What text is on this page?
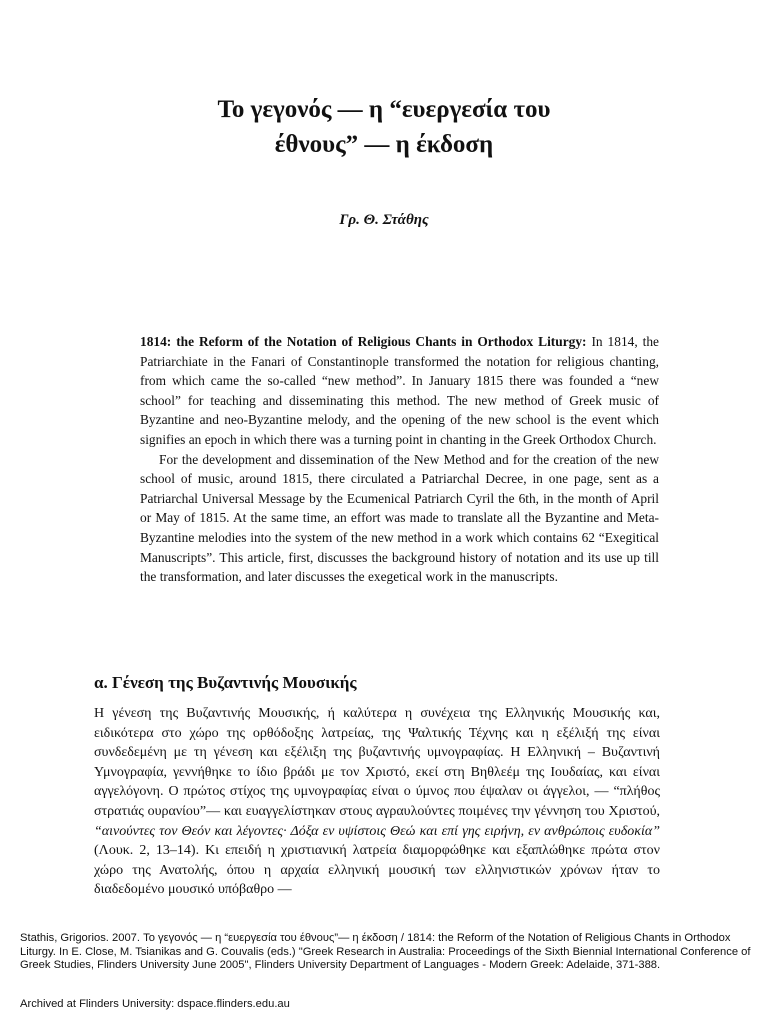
Το γεγονός — η “ευεργεσία του
έθνους” — η έκδοση
Γρ. Θ. Στάθης

1814: the Reform of the Notation of Religious Chants in Orthodox Liturgy: In 1814, the Patriarchiate in the Fanari of Constantinople transformed the notation for religious chanting, from which came the so-called “new method”. In January 1815 there was founded a “new school” for teaching and disseminating this method. The new method of Greek music of Byzantine and neo-Byzantine melody, and the opening of the new school is the event which signifies an epoch in which there was a turning point in chanting in the Greek Orthodox Church.

For the development and dissemination of the New Method and for the creation of the new school of music, around 1815, there circulated a Patriarchal Decree, in one page, sent as a Patriarchal Universal Message by the Ecumenical Patriarch Cyril the 6th, in the month of April or May of 1815. At the same time, an effort was made to translate all the Byzantine and Meta-Byzantine melodies into the system of the new method in a work which contains 62 “Exegitical Manuscripts”. This article, first, discusses the background history of notation and its use up till the transformation, and later discusses the exegetical work in the manuscripts.

α. Γένεση της Βυζαντινής Μουσικής

Η γένεση της Βυζαντινής Μουσικής, ή καλύτερα η συνέχεια της Ελληνικής Μουσικής και, ειδικότερα στο χώρο της ορθόδοξης λατρείας, της Ψαλτικής Τέχνης και η εξέλιξή της είναι συνδεδεμένη με τη γένεση και εξέλιξη της βυζαντινής υμνογραφίας. Η Ελληνική – Βυζαντινή Υμνογραφία, γεννήθηκε το ίδιο βράδι με τον Χριστό, εκεί στη Βηθλεέμ της Ιουδαίας, και είναι αγγελόγονη. Ο πρώτος στίχος της υμνογραφίας είναι ο ύμνος που έψαλαν οι άγγελοι, — “πλήθος στρατιάς ουρανίου”— και ευαγγελίστηκαν στους αγραυλούντες ποιμένες την γέννηση του Χριστού, “αινούντες τον Θεόν και λέγοντες· Δόξα εν υψίστοις Θεώ και επί γης ειρήνη, εν ανθρώποις ευδοκία” (Λουκ. 2, 13–14). Κι επειδή η χριστιανική λατρεία διαμορφώθηκε και εξαπλώθηκε πρώτα στον χώρο της Ανατολής, όπου η αρχαία ελληνική μουσική των ελληνιστικών χρόνων ήταν το διαδεδομένο μουσικό υπόβαθρο —

Stathis, Grigorios. 2007. Το γεγονός — η “ευεργεσία του έθνους”— η έκδοση / 1814: the Reform of the Notation of Religious Chants in Orthodox Liturgy. In E. Close, M. Tsianikas and G. Couvalis (eds.) "Greek Research in Australia: Proceedings of the Sixth Biennial International Conference of Greek Studies, Flinders University June 2005", Flinders University Department of Languages - Modern Greek: Adelaide, 371-388.

Archived at Flinders University: dspace.flinders.edu.au
